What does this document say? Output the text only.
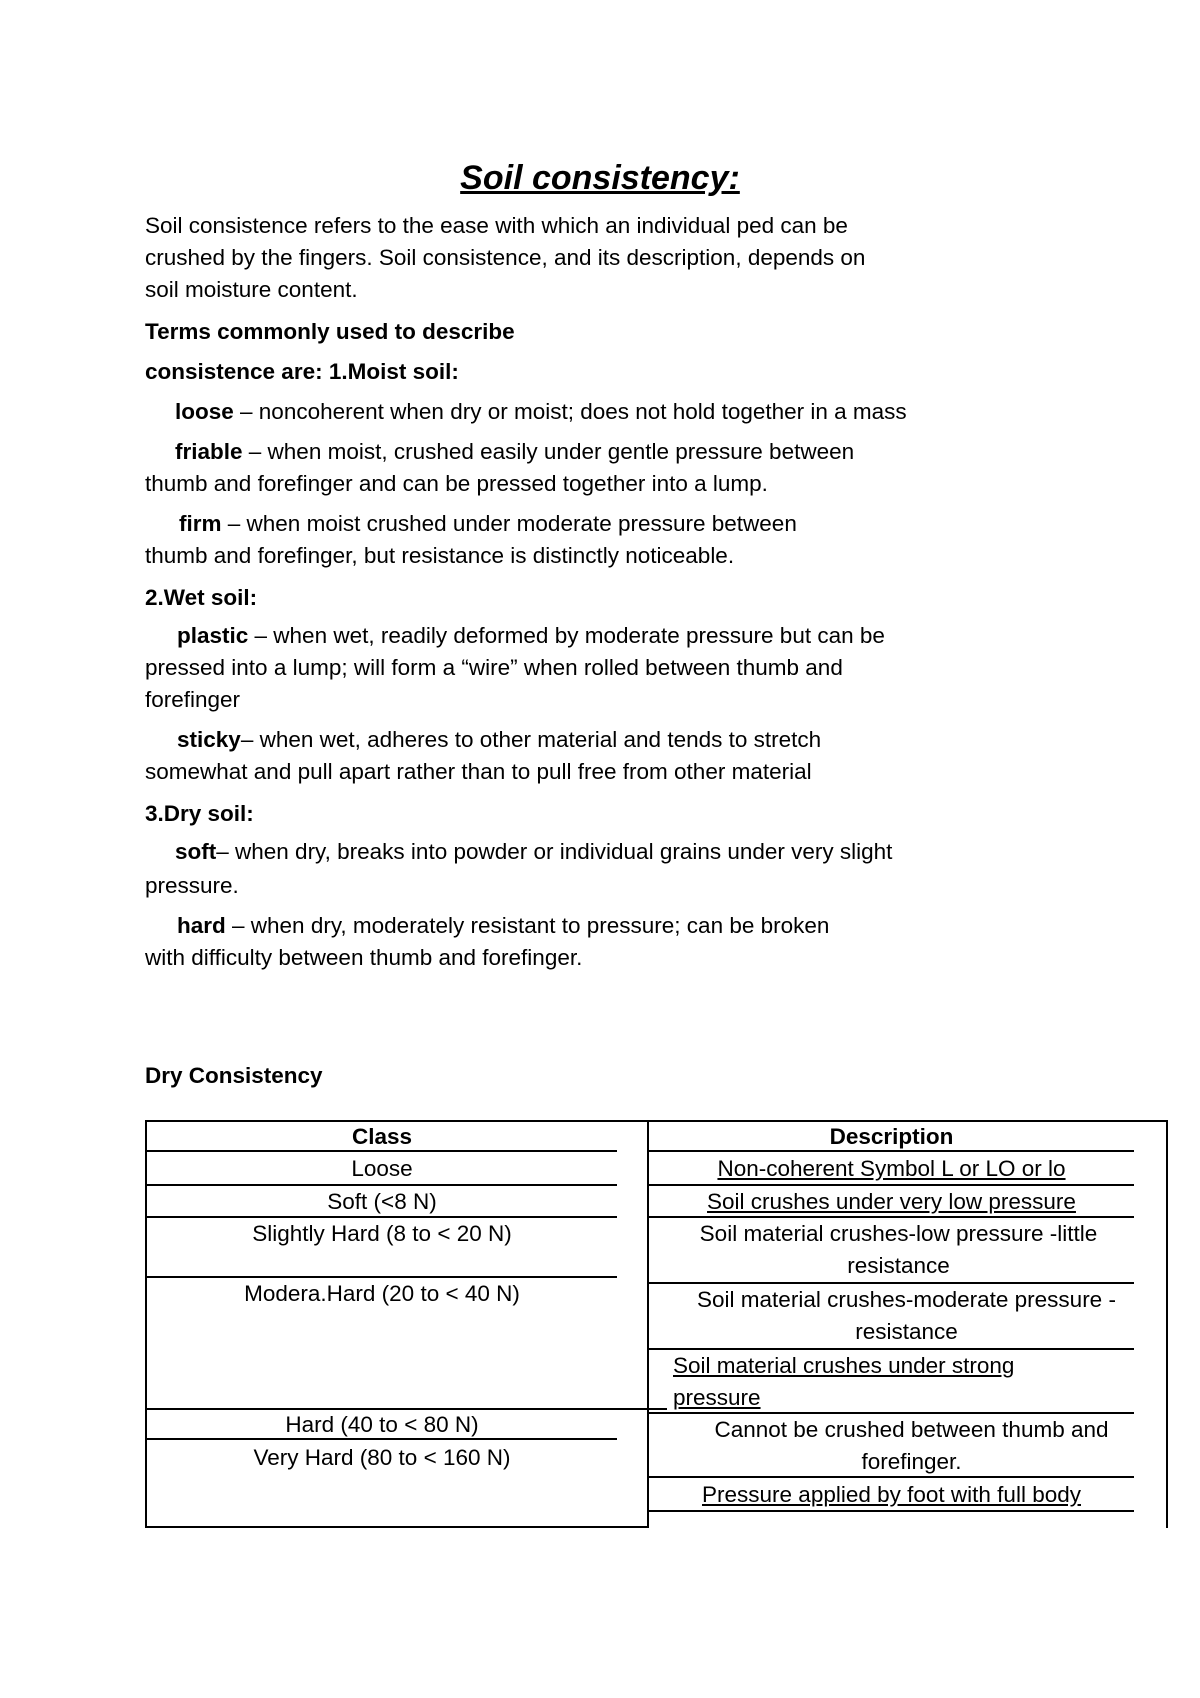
Soil consistency:
Soil consistence refers to the ease with which an individual ped can be
crushed by the fingers. Soil consistence, and its description, depends on
soil moisture content.
Terms commonly used to describe
consistence are: 1.Moist soil:
loose – noncoherent when dry or moist; does not hold together in a mass
friable – when moist, crushed easily under gentle pressure between
thumb and forefinger and can be pressed together into a lump.
firm – when moist crushed under moderate pressure between
thumb and forefinger, but resistance is distinctly noticeable.
2.Wet soil:
plastic – when wet, readily deformed by moderate pressure but can be
pressed into a lump; will form a “wire” when rolled between thumb and
forefinger
sticky– when wet, adheres to other material and tends to stretch
somewhat and pull apart rather than to pull free from other material
3.Dry soil:
soft– when dry, breaks into powder or individual grains under very slight
pressure.
hard – when dry, moderately resistant to pressure; can be broken
with difficulty between thumb and forefinger.
Dry Consistency
Class
Loose
Soft (<8 N)
Slightly Hard (8 to < 20 N)
Modera.Hard (20 to < 40 N)
Hard (40 to < 80 N)
Very Hard (80 to < 160 N)
Description
Non-coherent Symbol L or LO or lo
Soil crushes under very low pressure
Soil material crushes-low pressure -little resistance
Soil material crushes-moderate pressure - resistance
Soil material crushes under strong pressure
Cannot be crushed between thumb and forefinger.
Pressure applied by foot with full body
